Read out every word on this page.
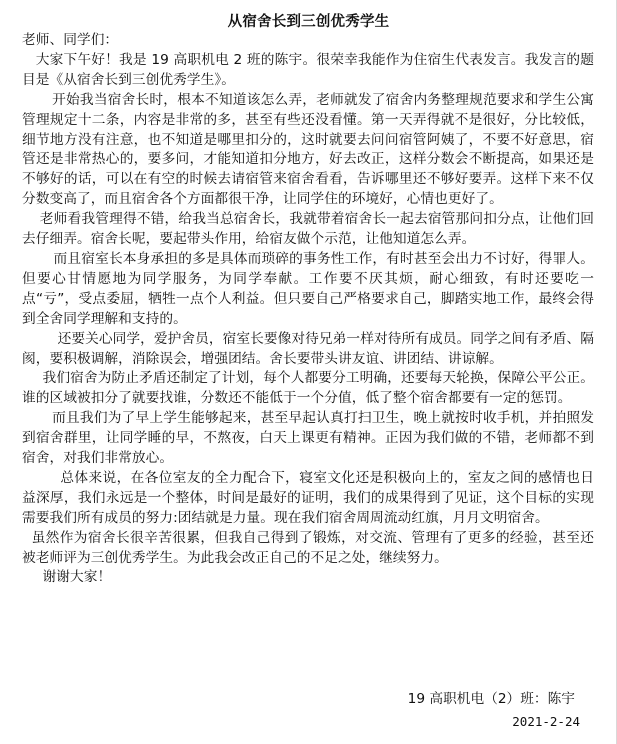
从宿舍长到三创优秀学生

老师、同学们：

大家下午好！我是 19 高职机电 2 班的陈宇。很荣幸我能作为住宿生代表发言。我发言的题目是《从宿舍长到三创优秀学生》。

开始我当宿舍长时，根本不知道该怎么弄，老师就发了宿舍内务整理规范要求和学生公寓管理规定十二条，内容是非常的多，甚至有些还没看懂。第一天弄得就不是很好，分比较低，细节地方没有注意，也不知道是哪里扣分的，这时就要去问问宿管阿姨了，不要不好意思，宿管还是非常热心的，要多问，才能知道扣分地方，好去改正，这样分数会不断提高，如果还是不够好的话，可以在有空的时候去请宿管来宿舍看看，告诉哪里还不够好要弄。这样下来不仅分数变高了，而且宿舍各个方面都很干净，让同学住的环境好，心情也更好了。

老师看我管理得不错，给我当总宿舍长，我就带着宿舍长一起去宿管那问扣分点，让他们回去仔细弄。宿舍长呢，要起带头作用，给宿友做个示范，让他知道怎么弄。

而且宿室长本身承担的多是具体而琐碎的事务性工作，有时甚至会出力不讨好，得罪人。但要心甘情愿地为同学服务，为同学奉献。工作要不厌其烦，耐心细致，有时还要吃一点“亏”，受点委屈，牺牲一点个人利益。但只要自己严格要求自己，脚踏实地工作，最终会得到全舍同学理解和支持的。

还要关心同学，爱护舍员，宿室长要像对待兄弟一样对待所有成员。同学之间有矛盾、隔阂，要积极调解，消除误会，增强团结。舍长要带头讲友谊、讲团结、讲谅解。

我们宿舍为防止矛盾还制定了计划，每个人都要分工明确，还要每天轮换，保障公平公正。谁的区域被扣分了就要找谁，分数还不能低于一个分值，低了整个宿舍都要有一定的惩罚。

而且我们为了早上学生能够起来，甚至早起认真打扫卫生，晚上就按时收手机，并拍照发到宿舍群里，让同学睡的早，不熬夜，白天上课更有精神。正因为我们做的不错，老师都不到宿舍，对我们非常放心。

总体来说，在各位室友的全力配合下，寝室文化还是积极向上的，室友之间的感情也日益深厚，我们永远是一个整体，时间是最好的证明，我们的成果得到了见证，这个目标的实现需要我们所有成员的努力:团结就是力量。现在我们宿舍周周流动红旗，月月文明宿舍。

虽然作为宿舍长很辛苦很累，但我自己得到了锻炼，对交流、管理有了更多的经验，甚至还被老师评为三创优秀学生。为此我会改正自己的不足之处，继续努力。

谢谢大家！

19 高职机电（2）班：陈宇
2021-2-24
